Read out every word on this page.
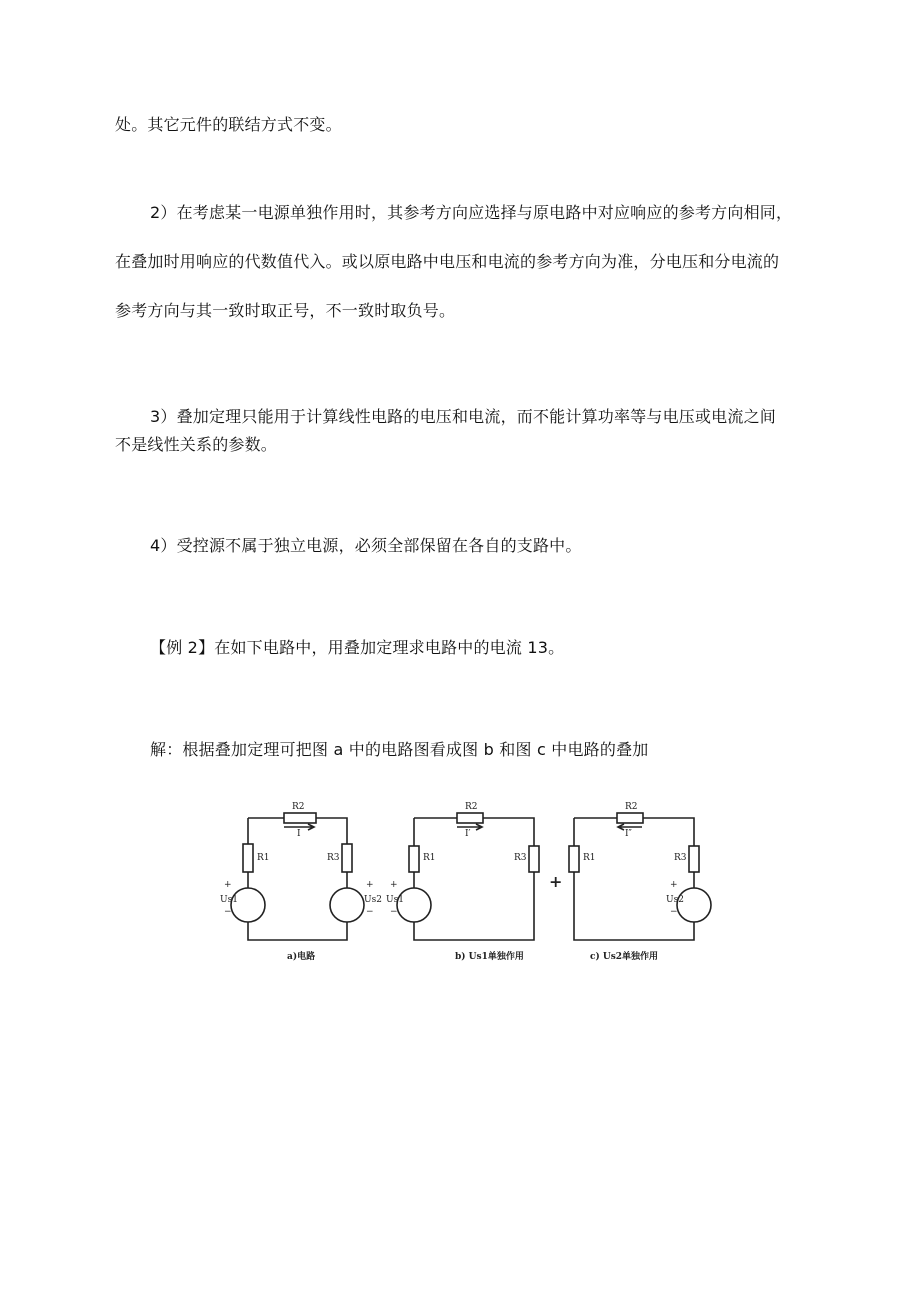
处。其它元件的联结方式不变。
2）在考虑某一电源单独作用时，其参考方向应选择与原电路中对应响应的参考方向相同，
在叠加时用响应的代数值代入。或以原电路中电压和电流的参考方向为准，分电压和分电流的
参考方向与其一致时取正号，不一致时取负号。
3）叠加定理只能用于计算线性电路的电压和电流，而不能计算功率等与电压或电流之间
不是线性关系的参数。
4）受控源不属于独立电源，必须全部保留在各自的支路中。
【例 2】在如下电路中，用叠加定理求电路中的电流 13。
解：根据叠加定理可把图 a 中的电路图看成图 b 和图 c 中电路的叠加
R2
I
R1	R3
+
Us1
−
+
Us2
−
R2
I′
R1	R3
+
Us1
−
R2
I″
R1	R3
+
Us2
−
+
a)电路	b) Us1单独作用	c) Us2单独作用
